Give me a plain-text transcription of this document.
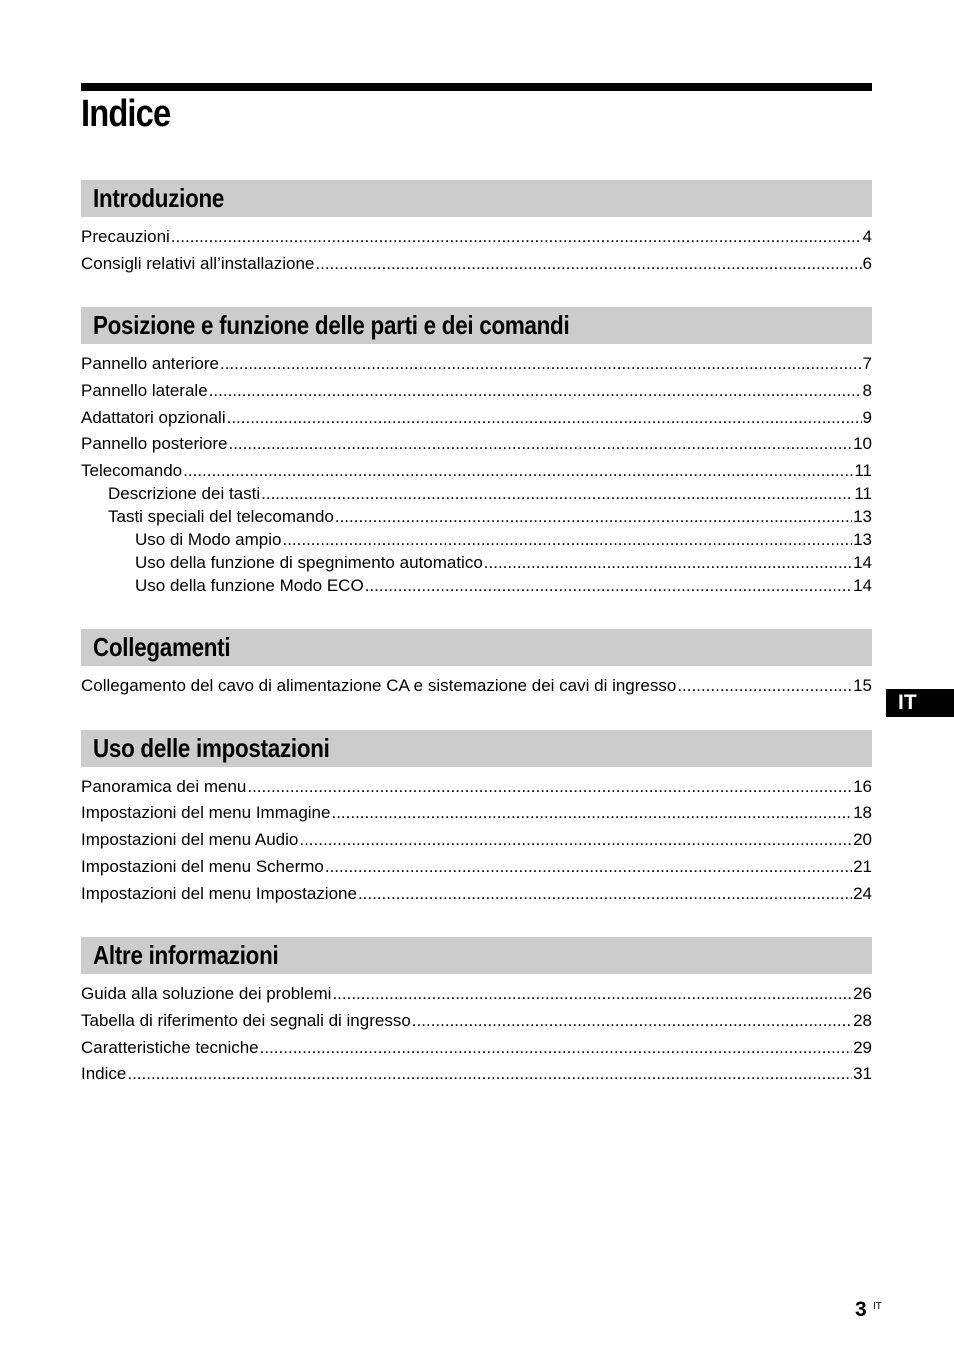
Indice
Introduzione
Precauzioni .....	4
Consigli relativi all’installazione .....	6
Posizione e funzione delle parti e dei comandi
Pannello anteriore .....	7
Pannello laterale .....	8
Adattatori opzionali .....	9
Pannello posteriore .....	10
Telecomando .....	11
Descrizione dei tasti .....	11
Tasti speciali del telecomando .....	13
Uso di Modo ampio .....	13
Uso della funzione di spegnimento automatico .....	14
Uso della funzione Modo ECO .....	14
Collegamenti
Collegamento del cavo di alimentazione CA e sistemazione dei cavi di ingresso .....	15
IT
Uso delle impostazioni
Panoramica dei menu .....	16
Impostazioni del menu Immagine .....	18
Impostazioni del menu Audio .....	20
Impostazioni del menu Schermo .....	21
Impostazioni del menu Impostazione .....	24
Altre informazioni
Guida alla soluzione dei problemi .....	26
Tabella di riferimento dei segnali di ingresso .....	28
Caratteristiche tecniche .....	29
Indice .....	31
3 IT
